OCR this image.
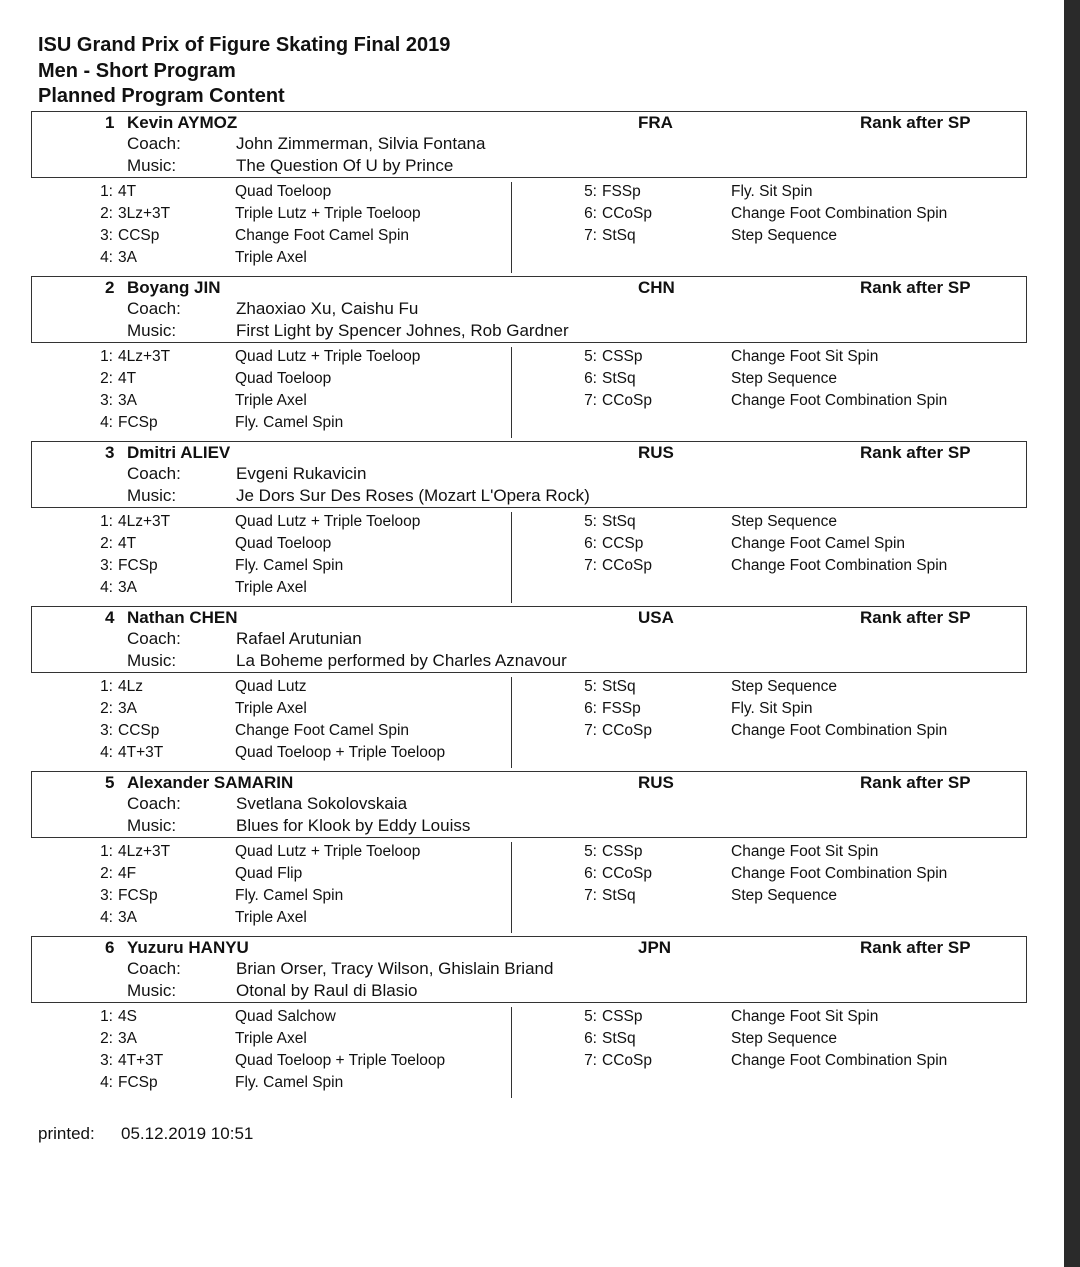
ISU Grand Prix of Figure Skating Final 2019
Men - Short Program
Planned Program Content
1 Kevin AYMOZ	FRA	Rank after SP
Coach:	John Zimmerman, Silvia Fontana
Music:	The Question Of U by Prince
1: 4T	Quad Toeloop
2: 3Lz+3T	Triple Lutz + Triple Toeloop
3: CCSp	Change Foot Camel Spin
4: 3A	Triple Axel
5: FSSp	Fly. Sit Spin
6: CCoSp	Change Foot Combination Spin
7: StSq	Step Sequence
2 Boyang JIN	CHN	Rank after SP
Coach:	Zhaoxiao Xu, Caishu Fu
Music:	First Light by Spencer Johnes, Rob Gardner
1: 4Lz+3T	Quad Lutz + Triple Toeloop
2: 4T	Quad Toeloop
3: 3A	Triple Axel
4: FCSp	Fly. Camel Spin
5: CSSp	Change Foot Sit Spin
6: StSq	Step Sequence
7: CCoSp	Change Foot Combination Spin
3 Dmitri ALIEV	RUS	Rank after SP
Coach:	Evgeni Rukavicin
Music:	Je Dors Sur Des Roses (Mozart L'Opera Rock)
1: 4Lz+3T	Quad Lutz + Triple Toeloop
2: 4T	Quad Toeloop
3: FCSp	Fly. Camel Spin
4: 3A	Triple Axel
5: StSq	Step Sequence
6: CCSp	Change Foot Camel Spin
7: CCoSp	Change Foot Combination Spin
4 Nathan CHEN	USA	Rank after SP
Coach:	Rafael Arutunian
Music:	La Boheme performed by Charles Aznavour
1: 4Lz	Quad Lutz
2: 3A	Triple Axel
3: CCSp	Change Foot Camel Spin
4: 4T+3T	Quad Toeloop + Triple Toeloop
5: StSq	Step Sequence
6: FSSp	Fly. Sit Spin
7: CCoSp	Change Foot Combination Spin
5 Alexander SAMARIN	RUS	Rank after SP
Coach:	Svetlana Sokolovskaia
Music:	Blues for Klook by Eddy Louiss
1: 4Lz+3T	Quad Lutz + Triple Toeloop
2: 4F	Quad Flip
3: FCSp	Fly. Camel Spin
4: 3A	Triple Axel
5: CSSp	Change Foot Sit Spin
6: CCoSp	Change Foot Combination Spin
7: StSq	Step Sequence
6 Yuzuru HANYU	JPN	Rank after SP
Coach:	Brian Orser, Tracy Wilson, Ghislain Briand
Music:	Otonal by Raul di Blasio
1: 4S	Quad Salchow
2: 3A	Triple Axel
3: 4T+3T	Quad Toeloop + Triple Toeloop
4: FCSp	Fly. Camel Spin
5: CSSp	Change Foot Sit Spin
6: StSq	Step Sequence
7: CCoSp	Change Foot Combination Spin
printed: 05.12.2019 10:51
